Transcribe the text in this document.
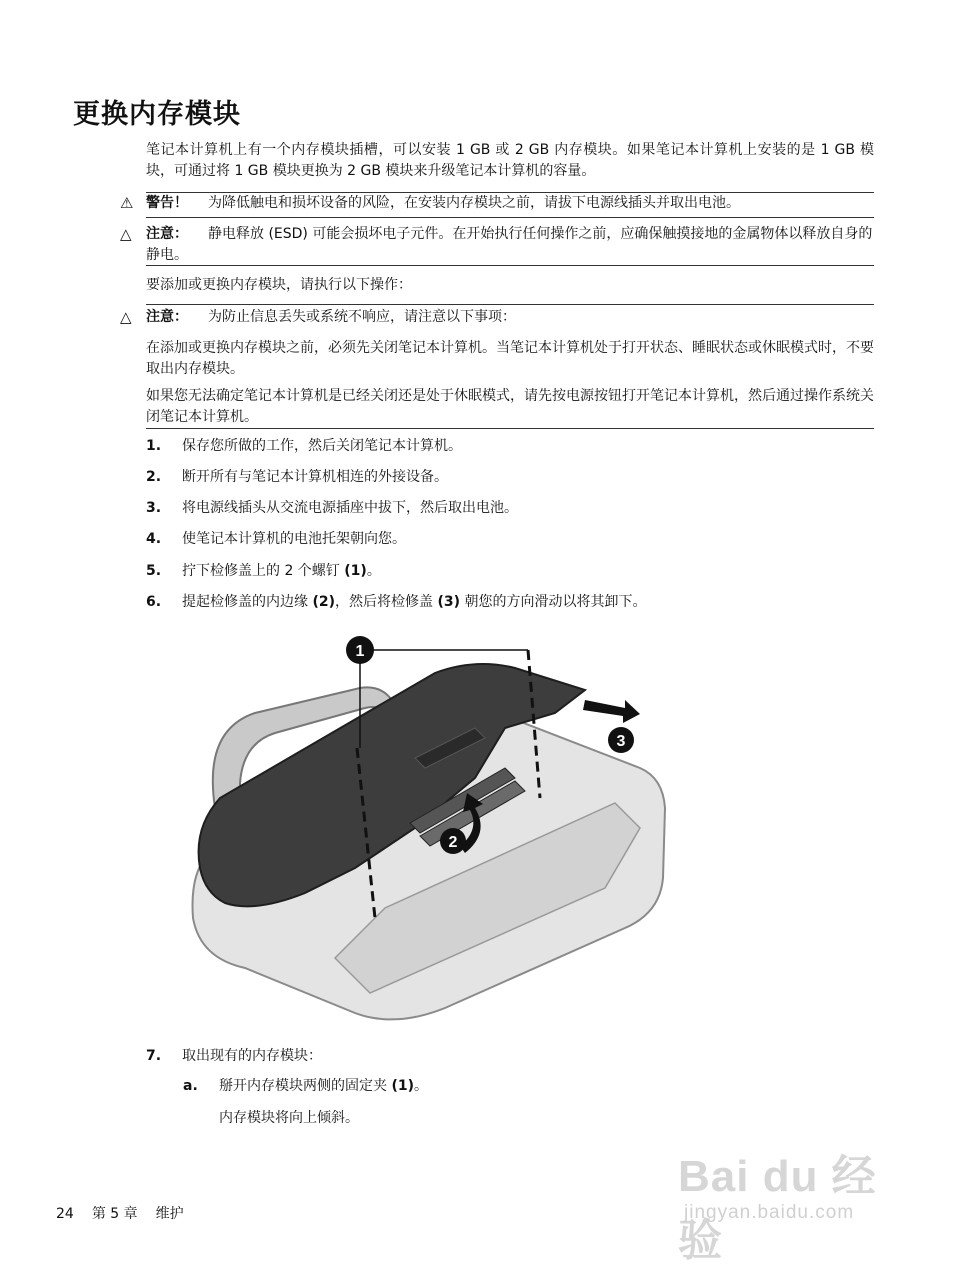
更换内存模块

笔记本计算机上有一个内存模块插槽，可以安装 1 GB 或 2 GB 内存模块。如果笔记本计算机上安装的是 1 GB 模块，可通过将 1 GB 模块更换为 2 GB 模块来升级笔记本计算机的容量。

⚠ 警告！ 为降低触电和损坏设备的风险，在安装内存模块之前，请拔下电源线插头并取出电池。

△ 注意： 静电释放 (ESD) 可能会损坏电子元件。在开始执行任何操作之前，应确保触摸接地的金属物体以释放自身的静电。

要添加或更换内存模块，请执行以下操作：

△ 注意： 为防止信息丢失或系统不响应，请注意以下事项：

在添加或更换内存模块之前，必须先关闭笔记本计算机。当笔记本计算机处于打开状态、睡眠状态或休眠模式时，不要取出内存模块。

如果您无法确定笔记本计算机是已经关闭还是处于休眠模式，请先按电源按钮打开笔记本计算机，然后通过操作系统关闭笔记本计算机。

1. 保存您所做的工作，然后关闭笔记本计算机。
2. 断开所有与笔记本计算机相连的外接设备。
3. 将电源线插头从交流电源插座中拔下，然后取出电池。
4. 使笔记本计算机的电池托架朝向您。
5. 拧下检修盖上的 2 个螺钉 (1)。
6. 提起检修盖的内边缘 (2)，然后将检修盖 (3) 朝您的方向滑动以将其卸下。
1
2
3
7. 取出现有的内存模块：
a. 掰开内存模块两侧的固定夹 (1)。
内存模块将向上倾斜。
24 第 5 章 维护
Bai du 经验
jingyan.baidu.com
